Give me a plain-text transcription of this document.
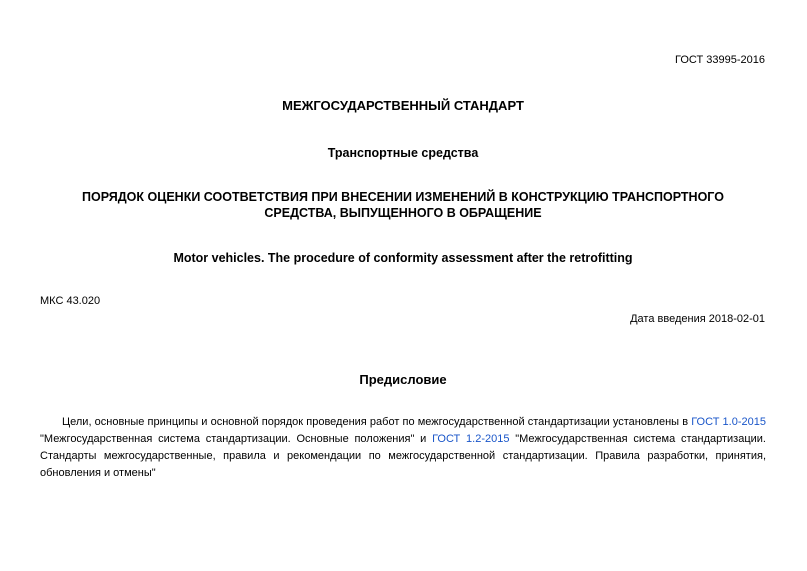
ГОСТ 33995-2016
МЕЖГОСУДАРСТВЕННЫЙ СТАНДАРТ
Транспортные средства
ПОРЯДОК ОЦЕНКИ СООТВЕТСТВИЯ ПРИ ВНЕСЕНИИ ИЗМЕНЕНИЙ В КОНСТРУКЦИЮ ТРАНСПОРТНОГО
СРЕДСТВА, ВЫПУЩЕННОГО В ОБРАЩЕНИЕ
Motor vehicles. The procedure of conformity assessment after the retrofitting
МКС 43.020
Дата введения 2018-02-01
Предисловие
Цели, основные принципы и основной порядок проведения работ по межгосударственной стандартизации установлены в ГОСТ 1.0-2015 "Межгосударственная система стандартизации. Основные положения" и ГОСТ 1.2-2015 "Межгосударственная система стандартизации. Стандарты межгосударственные, правила и рекомендации по межгосударственной стандартизации. Правила разработки, принятия, обновления и отмены"
